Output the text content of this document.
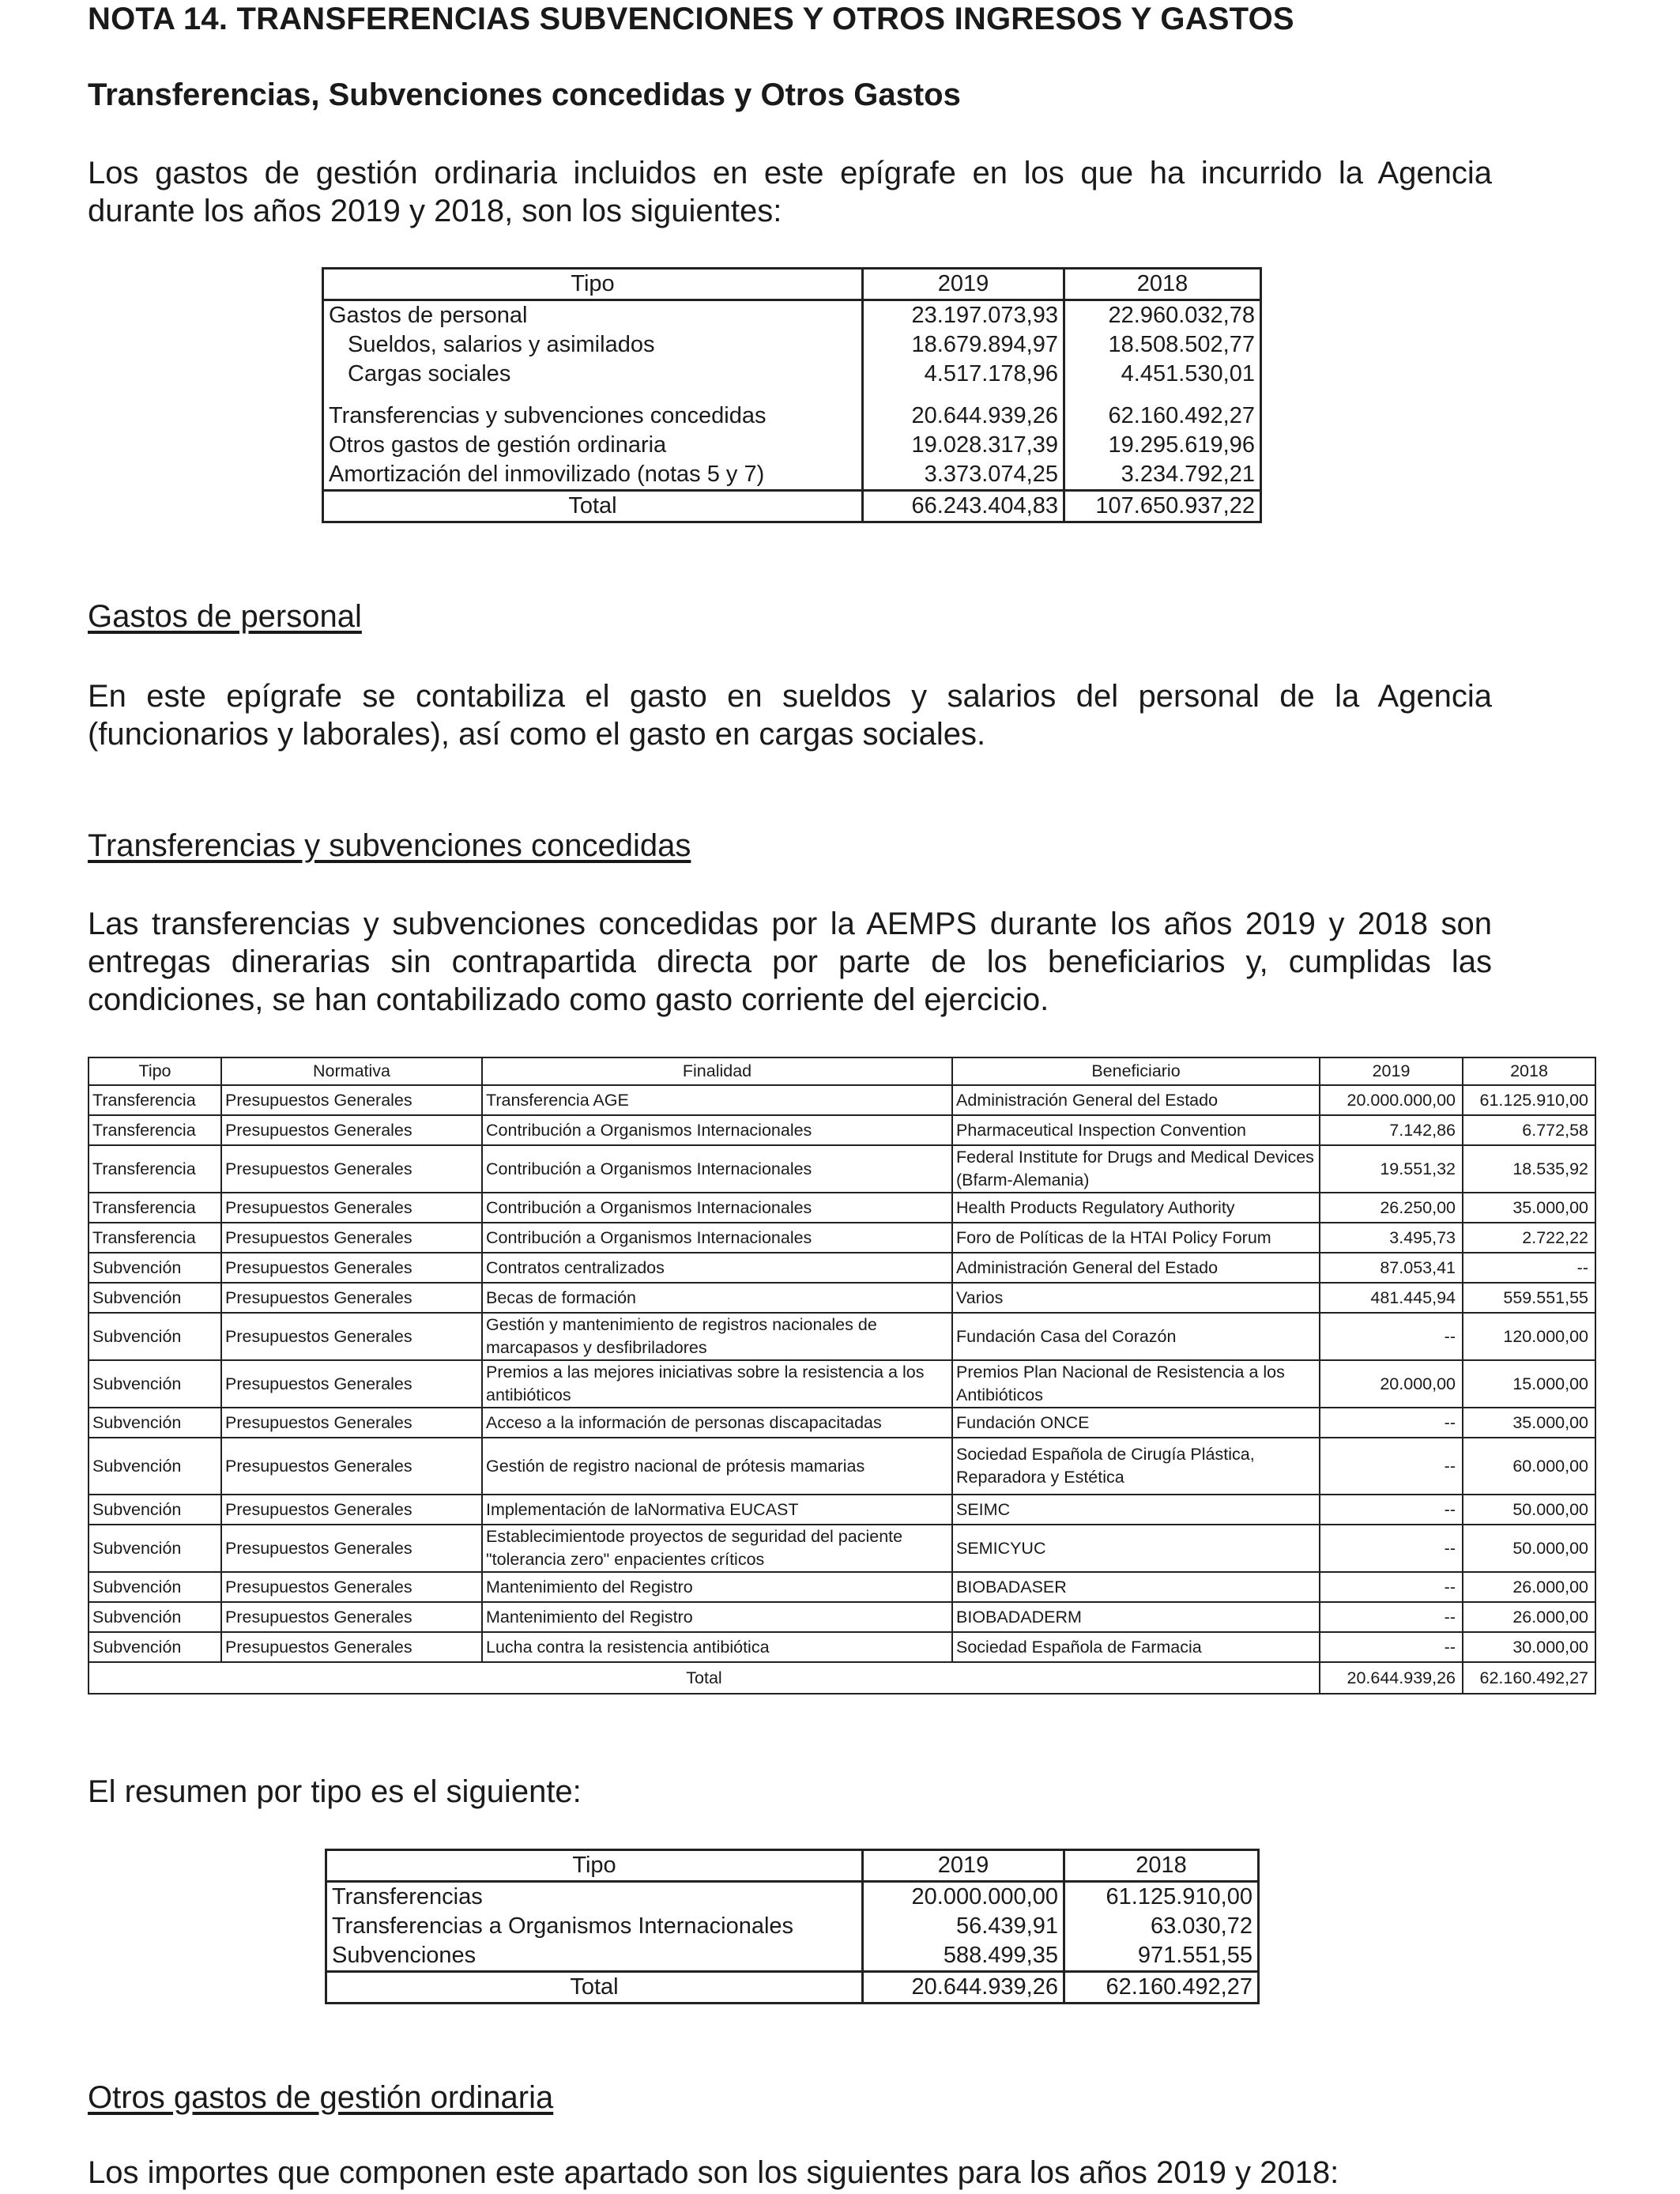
NOTA 14. TRANSFERENCIAS SUBVENCIONES Y OTROS INGRESOS Y GASTOS
Transferencias, Subvenciones concedidas y Otros Gastos
Los gastos de gestión ordinaria incluidos en este epígrafe en los que ha incurrido la Agencia durante los años 2019 y 2018, son los siguientes:
Tipo	2019	2018
Gastos de personal	23.197.073,93	22.960.032,78
Sueldos, salarios y asimilados	18.679.894,97	18.508.502,77
Cargas sociales	4.517.178,96	4.451.530,01

Transferencias y subvenciones concedidas	20.644.939,26	62.160.492,27
Otros gastos de gestión ordinaria	19.028.317,39	19.295.619,96
Amortización del inmovilizado (notas 5 y 7)	3.373.074,25	3.234.792,21
Total	66.243.404,83	107.650.937,22
Gastos de personal
En este epígrafe se contabiliza el gasto en sueldos y salarios del personal de la Agencia (funcionarios y laborales), así como el gasto en cargas sociales.
Transferencias y subvenciones concedidas
Las transferencias y subvenciones concedidas por la AEMPS durante los años 2019 y 2018 son entregas dinerarias sin contrapartida directa por parte de los beneficiarios y, cumplidas las condiciones, se han contabilizado como gasto corriente del ejercicio.
Tipo	Normativa	Finalidad	Beneficiario	2019	2018
Transferencia	Presupuestos Generales	Transferencia AGE	Administración General del Estado	20.000.000,00	61.125.910,00
Transferencia	Presupuestos Generales	Contribución a Organismos Internacionales	Pharmaceutical Inspection Convention	7.142,86	6.772,58
Transferencia	Presupuestos Generales	Contribución a Organismos Internacionales	Federal Institute for Drugs and Medical Devices (Bfarm-Alemania)	19.551,32	18.535,92
Transferencia	Presupuestos Generales	Contribución a Organismos Internacionales	Health Products Regulatory Authority	26.250,00	35.000,00
Transferencia	Presupuestos Generales	Contribución a Organismos Internacionales	Foro de Políticas de la HTAI Policy Forum	3.495,73	2.722,22
Subvención	Presupuestos Generales	Contratos centralizados	Administración General del Estado	87.053,41	--
Subvención	Presupuestos Generales	Becas de formación	Varios	481.445,94	559.551,55
Subvención	Presupuestos Generales	Gestión y mantenimiento de registros nacionales de marcapasos y desfibriladores	Fundación Casa del Corazón	--	120.000,00
Subvención	Presupuestos Generales	Premios a las mejores iniciativas sobre la resistencia a los antibióticos	Premios Plan Nacional de Resistencia a los Antibióticos	20.000,00	15.000,00
Subvención	Presupuestos Generales	Acceso a la información de personas discapacitadas	Fundación ONCE	--	35.000,00
Subvención	Presupuestos Generales	Gestión de registro nacional de prótesis mamarias	Sociedad Española de Cirugía Plástica, Reparadora y Estética	--	60.000,00
Subvención	Presupuestos Generales	Implementación de laNormativa EUCAST	SEIMC	--	50.000,00
Subvención	Presupuestos Generales	Establecimientode proyectos de seguridad del paciente "tolerancia zero" enpacientes críticos	SEMICYUC	--	50.000,00
Subvención	Presupuestos Generales	Mantenimiento del Registro	BIOBADASER	--	26.000,00
Subvención	Presupuestos Generales	Mantenimiento del Registro	BIOBADADERM	--	26.000,00
Subvención	Presupuestos Generales	Lucha contra la resistencia antibiótica	Sociedad Española de Farmacia	--	30.000,00
Total				20.644.939,26	62.160.492,27
El resumen por tipo es el siguiente:
Tipo	2019	2018
Transferencias	20.000.000,00	61.125.910,00
Transferencias a Organismos Internacionales	56.439,91	63.030,72
Subvenciones	588.499,35	971.551,55
Total	20.644.939,26	62.160.492,27
Otros gastos de gestión ordinaria
Los importes que componen este apartado son los siguientes para los años 2019 y 2018:
